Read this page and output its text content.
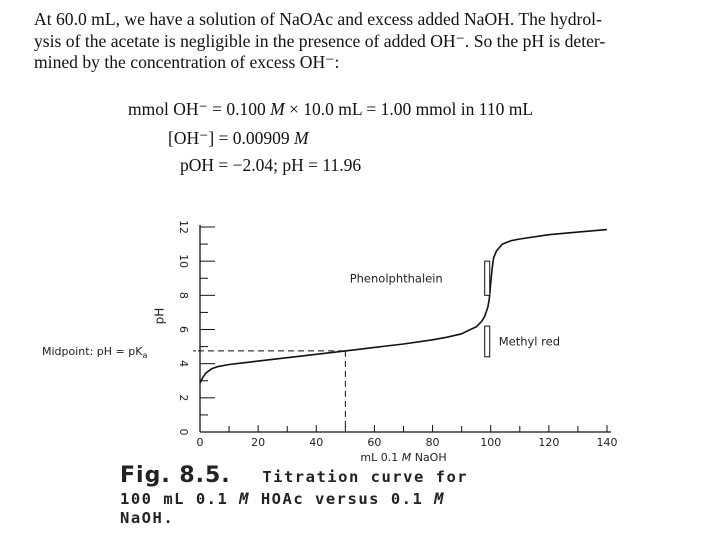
At 60.0 mL, we have a solution of NaOAc and excess added NaOH. The hydrol-
ysis of the acetate is negligible in the presence of added OH⁻. So the pH is deter-
mined by the concentration of excess OH⁻:
mmol OH⁻ = 0.100 M × 10.0 mL = 1.00 mmol in 110 mL
[OH⁻] = 0.00909 M
pOH = −2.04; pH = 11.96
0	20	40	60	80	100	120	140
0
2
4
6
8
10
12
pH
mL 0.1 M NaOH
Midpoint: pH = $pK_a$
Phenolphthalein
Methyl red
Fig. 8.5. Titration curve for
100 mL 0.1 M HOAc versus 0.1 M
NaOH.
